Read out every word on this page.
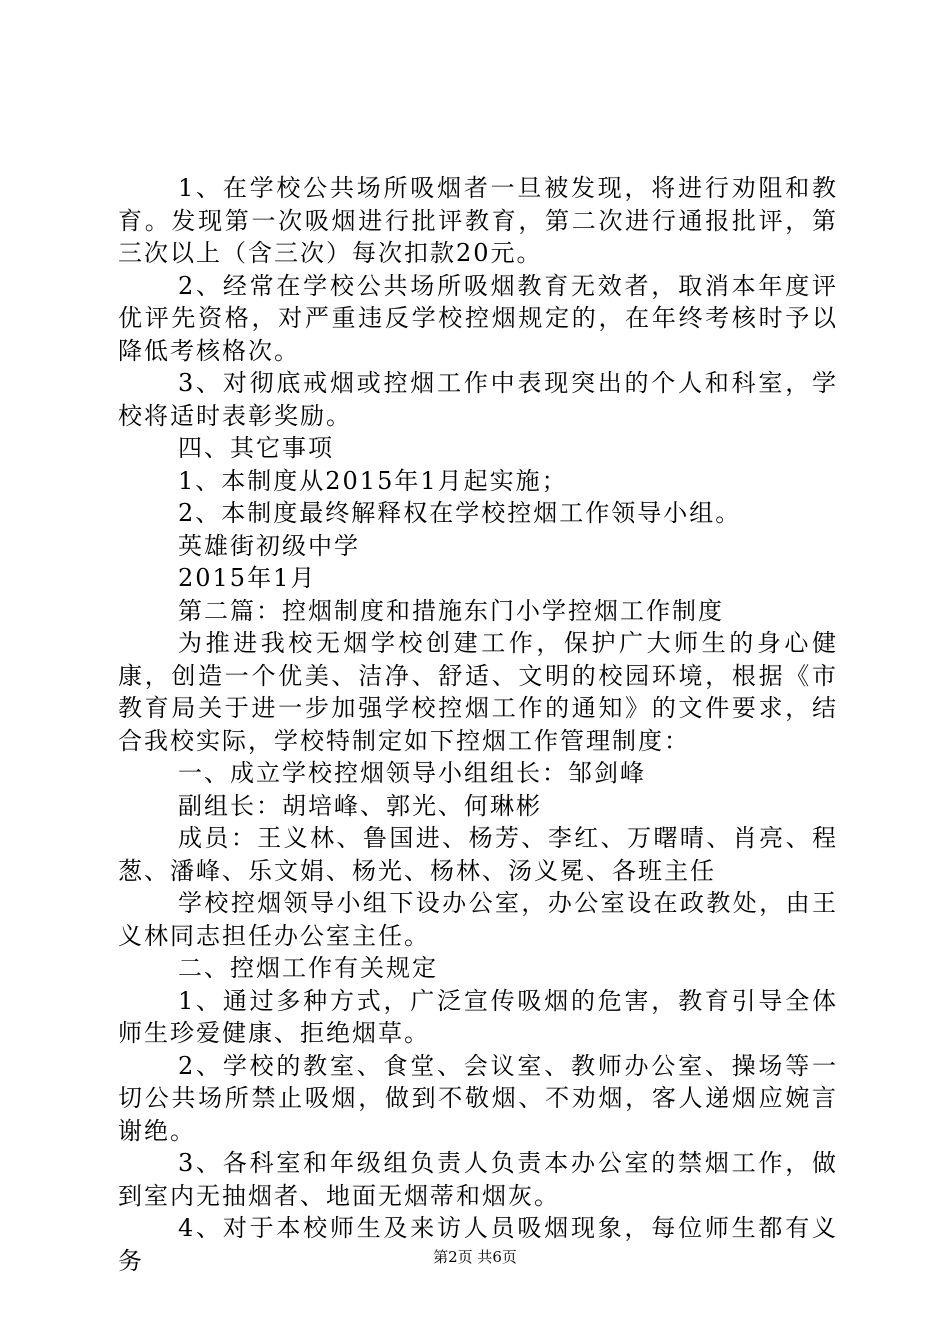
1、在学校公共场所吸烟者一旦被发现，将进行劝阻和教育。发现第一次吸烟进行批评教育，第二次进行通报批评，第三次以上（含三次）每次扣款20元。

2、经常在学校公共场所吸烟教育无效者，取消本年度评优评先资格，对严重违反学校控烟规定的，在年终考核时予以降低考核格次。

3、对彻底戒烟或控烟工作中表现突出的个人和科室，学校将适时表彰奖励。

四、其它事项

1、本制度从2015年1月起实施；

2、本制度最终解释权在学校控烟工作领导小组。

英雄街初级中学

2015年1月

第二篇：控烟制度和措施东门小学控烟工作制度

为推进我校无烟学校创建工作，保护广大师生的身心健康，创造一个优美、洁净、舒适、文明的校园环境，根据《市教育局关于进一步加强学校控烟工作的通知》的文件要求，结合我校实际，学校特制定如下控烟工作管理制度：

一、成立学校控烟领导小组组长：邹剑峰

副组长：胡培峰、郭光、何琳彬

成员：王义林、鲁国进、杨芳、李红、万曙晴、肖亮、程葱、潘峰、乐文娟、杨光、杨林、汤义冕、各班主任

学校控烟领导小组下设办公室，办公室设在政教处，由王义林同志担任办公室主任。

二、控烟工作有关规定

1、通过多种方式，广泛宣传吸烟的危害，教育引导全体师生珍爱健康、拒绝烟草。

2、学校的教室、食堂、会议室、教师办公室、操场等一切公共场所禁止吸烟，做到不敬烟、不劝烟，客人递烟应婉言谢绝。

3、各科室和年级组负责人负责本办公室的禁烟工作，做到室内无抽烟者、地面无烟蒂和烟灰。

4、对于本校师生及来访人员吸烟现象，每位师生都有义务	第2页 共6页
